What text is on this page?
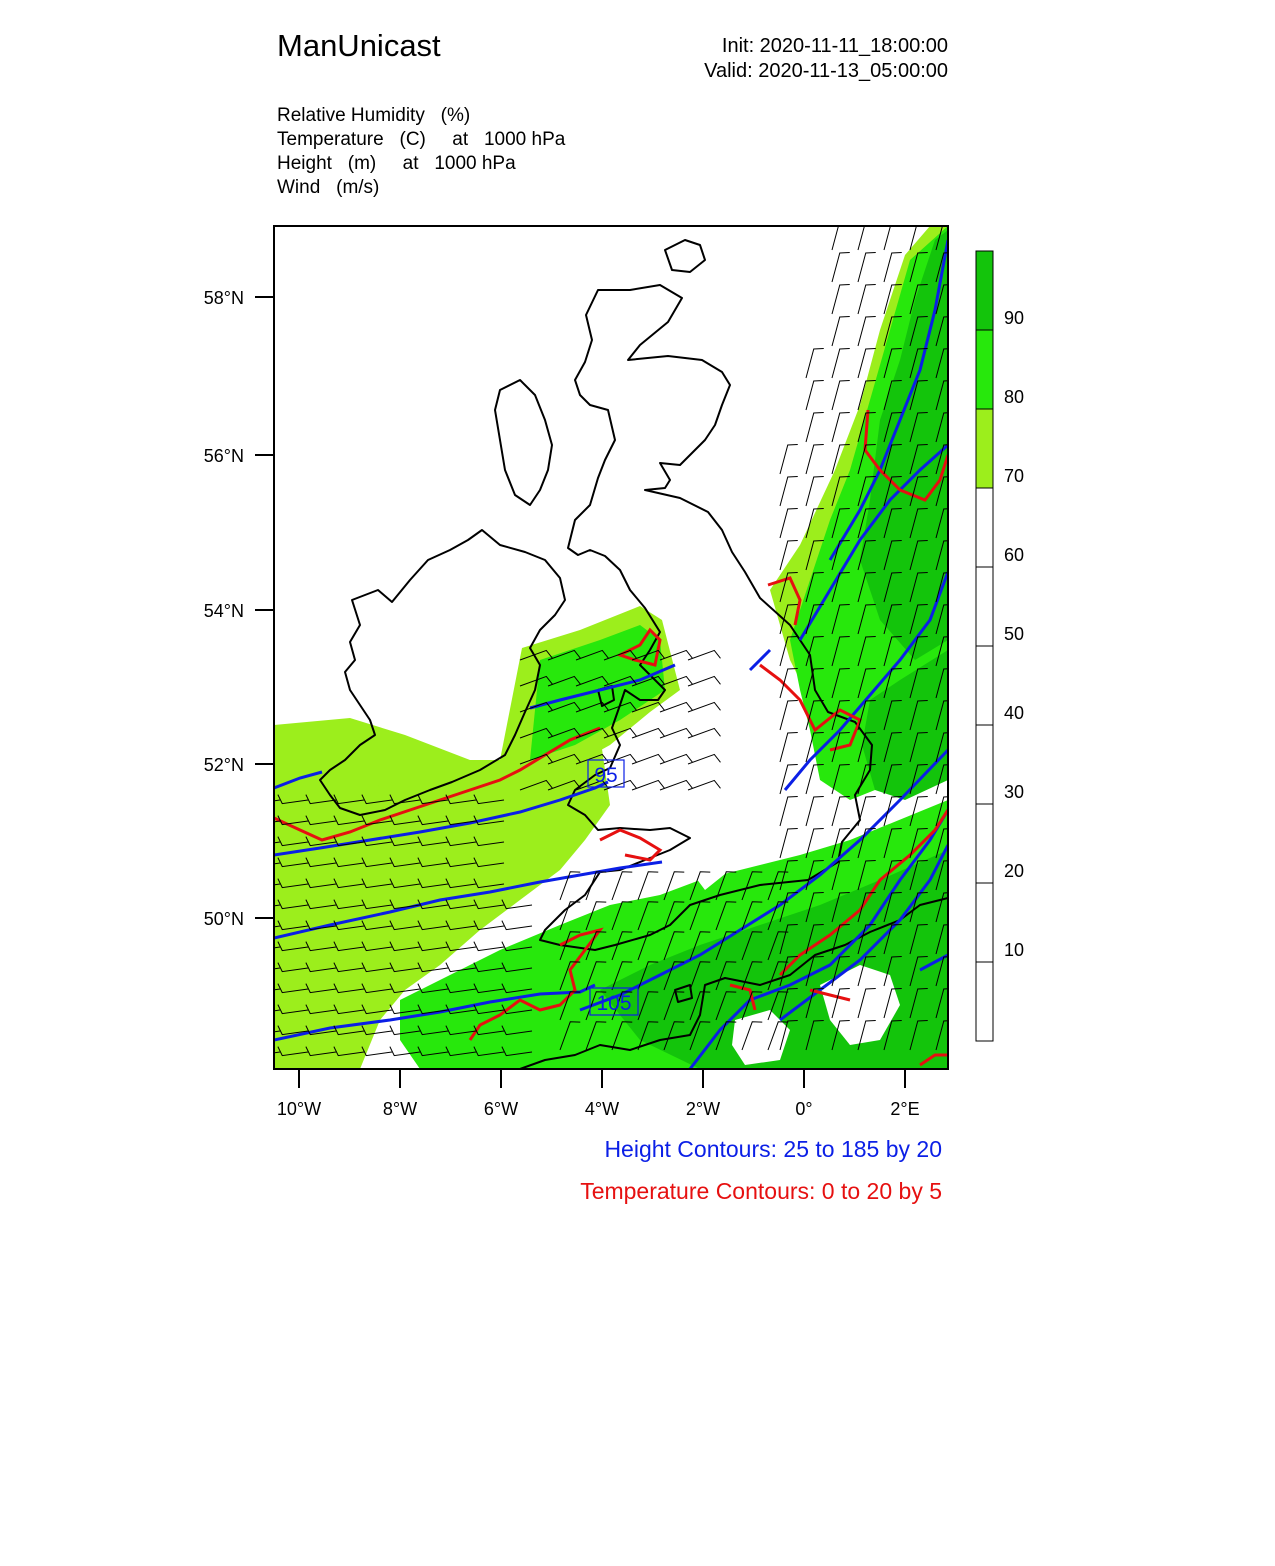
ManUnicast	Init: 2020-11-11_18:00:00
Valid: 2020-11-13_05:00:00
Relative Humidity   (%)
Temperature   (C)     at   1000 hPa
Height   (m)     at   1000 hPa
Wind   (m/s)
95
105
58°N
56°N
54°N
52°N
50°N
10°W	8°W	6°W	4°W	2°W	0°	2°E
90
80
70
60
50
40
30
20
10
Height Contours: 25 to 185 by 20
Temperature Contours: 0 to 20 by 5
